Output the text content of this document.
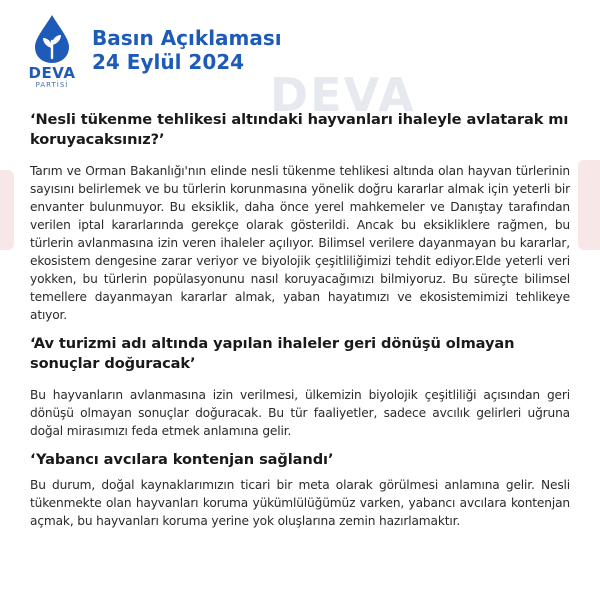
DEVA
DEVA
PARTİSİ
Basın Açıklaması
24 Eylül 2024

‘Nesli tükenme tehlikesi altındaki hayvanları ihaleyle avlatarak mı koruyacaksınız?’

Tarım ve Orman Bakanlığı'nın elinde nesli tükenme tehlikesi altında olan hayvan türlerinin sayısını belirlemek ve bu türlerin korunmasına yönelik doğru kararlar almak için yeterli bir envanter bulunmuyor. Bu eksiklik, daha önce yerel mahkemeler ve Danıştay tarafından verilen iptal kararlarında gerekçe olarak gösterildi. Ancak bu eksikliklere rağmen, bu türlerin avlanmasına izin veren ihaleler açılıyor. Bilimsel verilere dayanmayan bu kararlar, ekosistem dengesine zarar veriyor ve biyolojik çeşitliliğimizi tehdit ediyor.Elde yeterli veri yokken, bu türlerin popülasyonunu nasıl koruyacağımızı bilmiyoruz. Bu süreçte bilimsel temellere dayanmayan kararlar almak, yaban hayatımızı ve ekosistemimizi tehlikeye atıyor.

‘Av turizmi adı altında yapılan ihaleler geri dönüşü olmayan sonuçlar doğuracak’

Bu hayvanların avlanmasına izin verilmesi, ülkemizin biyolojik çeşitliliği açısından geri dönüşü olmayan sonuçlar doğuracak. Bu tür faaliyetler, sadece avcılık gelirleri uğruna doğal mirasımızı feda etmek anlamına gelir.

‘Yabancı avcılara kontenjan sağlandı’

Bu durum, doğal kaynaklarımızın ticari bir meta olarak görülmesi anlamına gelir. Nesli tükenmekte olan hayvanları koruma yükümlülüğümüz varken, yabancı avcılara kontenjan açmak, bu hayvanları koruma yerine yok oluşlarına zemin hazırlamaktır.
